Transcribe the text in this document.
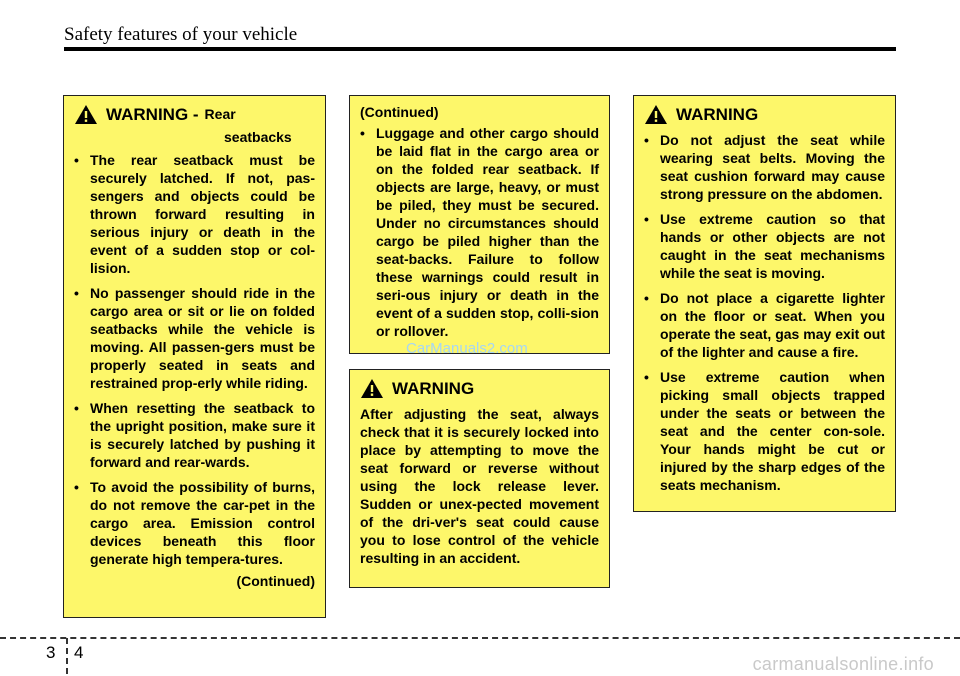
Safety features of your vehicle
WARNING - Rear
seatbacks
• The rear seatback must be securely latched. If not, pas-sengers and objects could be thrown forward resulting in serious injury or death in the event of a sudden stop or col-lision.
• No passenger should ride in the cargo area or sit or lie on folded seatbacks while the vehicle is moving. All passen-gers must be properly seated in seats and restrained prop-erly while riding.
• When resetting the seatback to the upright position, make sure it is securely latched by pushing it forward and rear-wards.
• To avoid the possibility of burns, do not remove the car-pet in the cargo area. Emission control devices beneath this floor generate high tempera-tures.
(Continued)
(Continued)
• Luggage and other cargo should be laid flat in the cargo area or on the folded rear seatback. If objects are large, heavy, or must be piled, they must be secured. Under no circumstances should cargo be piled higher than the seat-backs. Failure to follow these warnings could result in seri-ous injury or death in the event of a sudden stop, colli-sion or rollover.
CarManuals2.com
WARNING

After adjusting the seat, always check that it is securely locked into place by attempting to move the seat forward or reverse without using the lock release lever. Sudden or unex-pected movement of the dri-ver's seat could cause you to lose control of the vehicle resulting in an accident.

WARNING
• Do not adjust the seat while wearing seat belts. Moving the seat cushion forward may cause strong pressure on the abdomen.
• Use extreme caution so that hands or other objects are not caught in the seat mechanisms while the seat is moving.
• Do not place a cigarette lighter on the floor or seat. When you operate the seat, gas may exit out of the lighter and cause a fire.
• Use extreme caution when picking small objects trapped under the seats or between the seat and the center con-sole. Your hands might be cut or injured by the sharp edges of the seats mechanism.
3 4
carmanualsonline.info
